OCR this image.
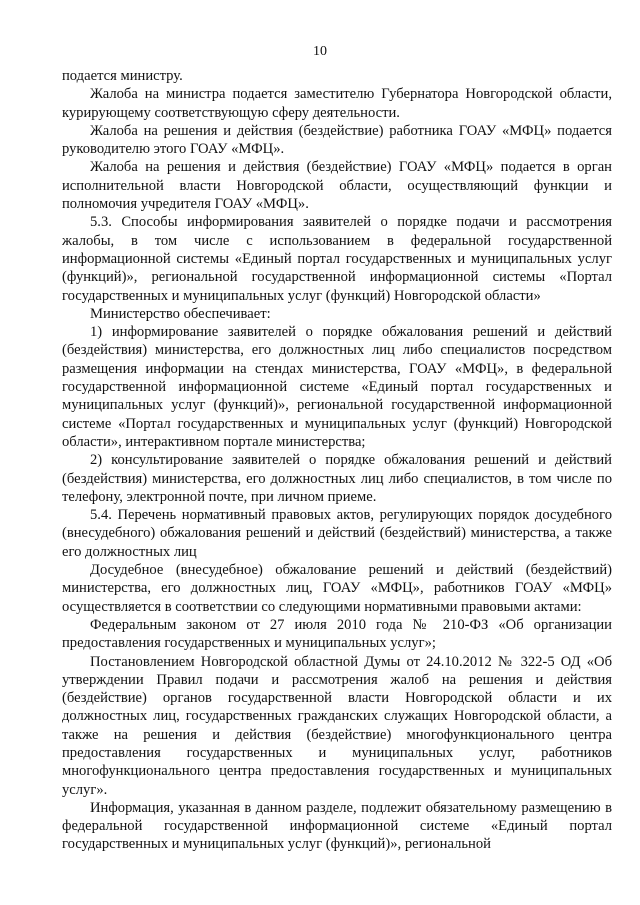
10

подается министру.

Жалоба на министра подается заместителю Губернатора Новгородской области, курирующему соответствующую сферу деятельности.

Жалоба на решения и действия (бездействие) работника ГОАУ «МФЦ» подается руководителю этого ГОАУ «МФЦ».

Жалоба на решения и действия (бездействие) ГОАУ «МФЦ» подается в орган исполнительной власти Новгородской области, осуществляющий функции и полномочия учредителя ГОАУ «МФЦ».

5.3. Способы информирования заявителей о порядке подачи и рассмотрения жалобы, в том числе с использованием в федеральной государственной информационной системы «Единый портал государственных и муниципальных услуг (функций)», региональной государственной информационной системы «Портал государственных и муниципальных услуг (функций) Новгородской области»

Министерство обеспечивает:

1) информирование заявителей о порядке обжалования решений и действий (бездействия) министерства, его должностных лиц либо специалистов посредством размещения информации на стендах министерства, ГОАУ «МФЦ», в федеральной государственной информационной системе «Единый портал государственных и муниципальных услуг (функций)», региональной государственной информационной системе «Портал государственных и муниципальных услуг (функций) Новгородской области», интерактивном портале министерства;

2) консультирование заявителей о порядке обжалования решений и действий (бездействия) министерства, его должностных лиц либо специалистов, в том числе по телефону, электронной почте, при личном приеме.

5.4. Перечень нормативный правовых актов, регулирующих порядок досудебного (внесудебного) обжалования решений и действий (бездействий) министерства, а также его должностных лиц

Досудебное (внесудебное) обжалование решений и действий (бездействий) министерства, его должностных лиц, ГОАУ «МФЦ», работников ГОАУ «МФЦ» осуществляется в соответствии со следующими нормативными правовыми актами:

Федеральным законом от 27 июля 2010 года № 210-ФЗ «Об организации предоставления государственных и муниципальных услуг»;

Постановлением Новгородской областной Думы от 24.10.2012 № 322-5 ОД «Об утверждении Правил подачи и рассмотрения жалоб на решения и действия (бездействие) органов государственной власти Новгородской области и их должностных лиц, государственных гражданских служащих Новгородской области, а также на решения и действия (бездействие) многофункционального центра предоставления государственных и муниципальных услуг, работников многофункционального центра предоставления государственных и муниципальных услуг».

Информация, указанная в данном разделе, подлежит обязательному размещению в федеральной государственной информационной системе «Единый портал государственных и муниципальных услуг (функций)», региональной
